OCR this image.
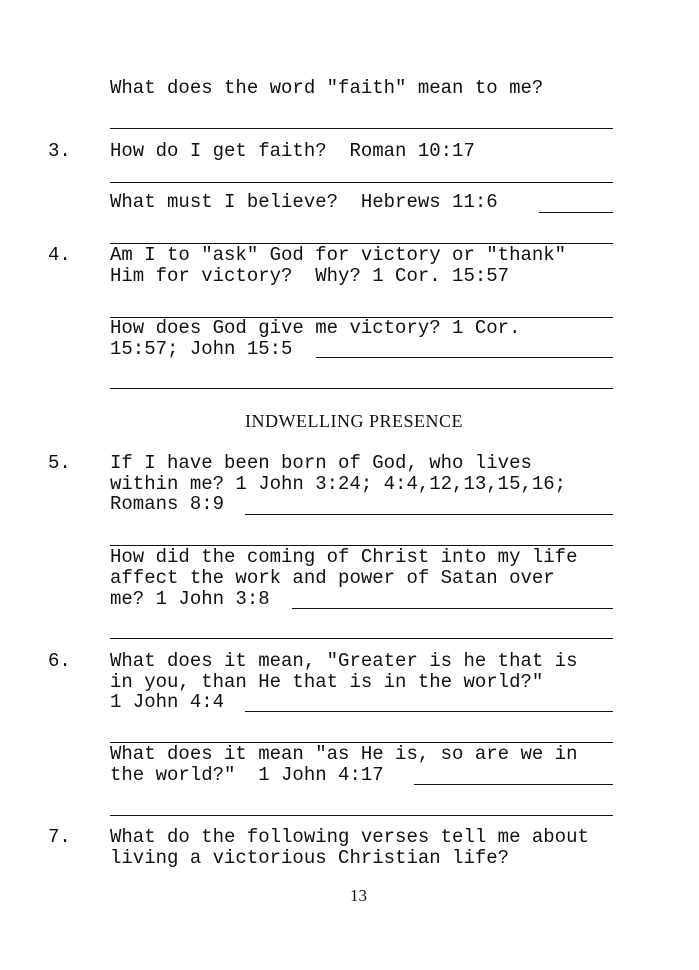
What does the word "faith" mean to me?
3. How do I get faith?  Roman 10:17
What must I believe?  Hebrews 11:6
4. Am I to "ask" God for victory or "thank"
Him for victory?  Why? 1 Cor. 15:57
How does God give me victory? 1 Cor.
15:57; John 15:5
INDWELLING PRESENCE
5. If I have been born of God, who lives
within me? 1 John 3:24; 4:4,12,13,15,16;
Romans 8:9
How did the coming of Christ into my life
affect the work and power of Satan over
me? 1 John 3:8
6. What does it mean, "Greater is he that is
in you, than He that is in the world?"
1 John 4:4
What does it mean "as He is, so are we in
the world?"  1 John 4:17
7. What do the following verses tell me about
living a victorious Christian life?
13
